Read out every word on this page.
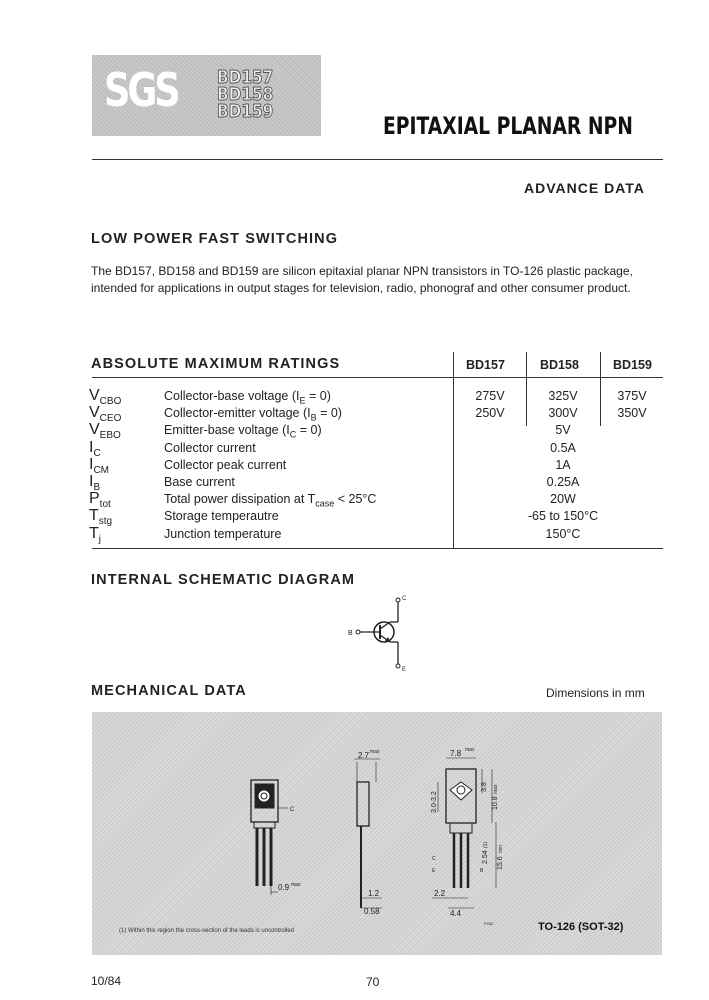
SGS BD157
BD158
BD159
EPITAXIAL PLANAR NPN
ADVANCE DATA
LOW POWER FAST SWITCHING
The BD157, BD158 and BD159 are silicon epitaxial planar NPN transistors in TO-126 plastic package, intended for applications in output stages for television, radio, phonograf and other consumer product.
ABSOLUTE MAXIMUM RATINGS	BD157	BD158	BD159
$V_{CBO}$	Collector-base voltage $(I_E = 0)$	275V	325V	375V
$V_{CEO}$	Collector-emitter voltage $(I_B = 0)$	250V	300V	350V
$V_{EBO}$	Emitter-base voltage $(I_C = 0)$	5V
$I_C$	Collector current	0.5A
$I_{CM}$	Collector peak current	1A
$I_B$	Base current	0.25A
$P_{tot}$	Total power dissipation at $T_{case} < 25^\circ C$	20W
$T_{stg}$	Storage temperautre	-65 to 150°C
$T_j$	Junction temperature	150°C
INTERNAL SCHEMATIC DIAGRAM
B
C
E
MECHANICAL DATA	Dimensions in mm
C
0.9 max
2.7 max
1.2
0.58
7.8 max
3.0-3.2
3.8
10.8
max
2.54
(1)
15.6
min
C
E	B
2.2
4.4
P032
(1) Within this region the cross-section of the leads is uncontrolled	TO-126 (SOT-32)
10/84	70
